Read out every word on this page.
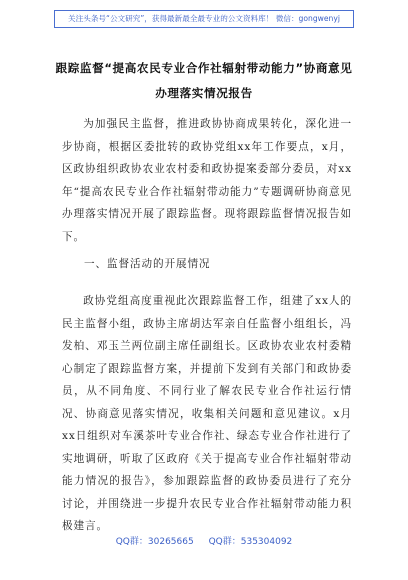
关注头条号“公文研究”，获得最新最全最专业的公文资料库！ 微信：gongwenyj
跟踪监督“提高农民专业合作社辐射带动能力”协商意见
办理落实情况报告
为加强民主监督，推进政协协商成果转化，深化进一步协商，根据区委批转的政协党组xx年工作要点，x月，区政协组织政协农业农村委和政协提案委部分委员，对xx年“提高农民专业合作社辐射带动能力”专题调研协商意见办理落实情况开展了跟踪监督。现将跟踪监督情况报告如下。
一、监督活动的开展情况
政协党组高度重视此次跟踪监督工作，组建了xx人的民主监督小组，政协主席胡达军亲自任监督小组组长，冯发柏、邓玉兰两位副主席任副组长。区政协农业农村委精心制定了跟踪监督方案，并提前下发到有关部门和政协委员，从不同角度、不同行业了解农民专业合作社运行情况、协商意见落实情况，收集相关问题和意见建议。x月xx日组织对车溪茶叶专业合作社、绿态专业合作社进行了实地调研，听取了区政府《关于提高专业合作社辐射带动能力情况的报告》，参加跟踪监督的政协委员进行了充分讨论，并围绕进一步提升农民专业合作社辐射带动能力积极建言。
QQ群：30265665 QQ群：535304092
